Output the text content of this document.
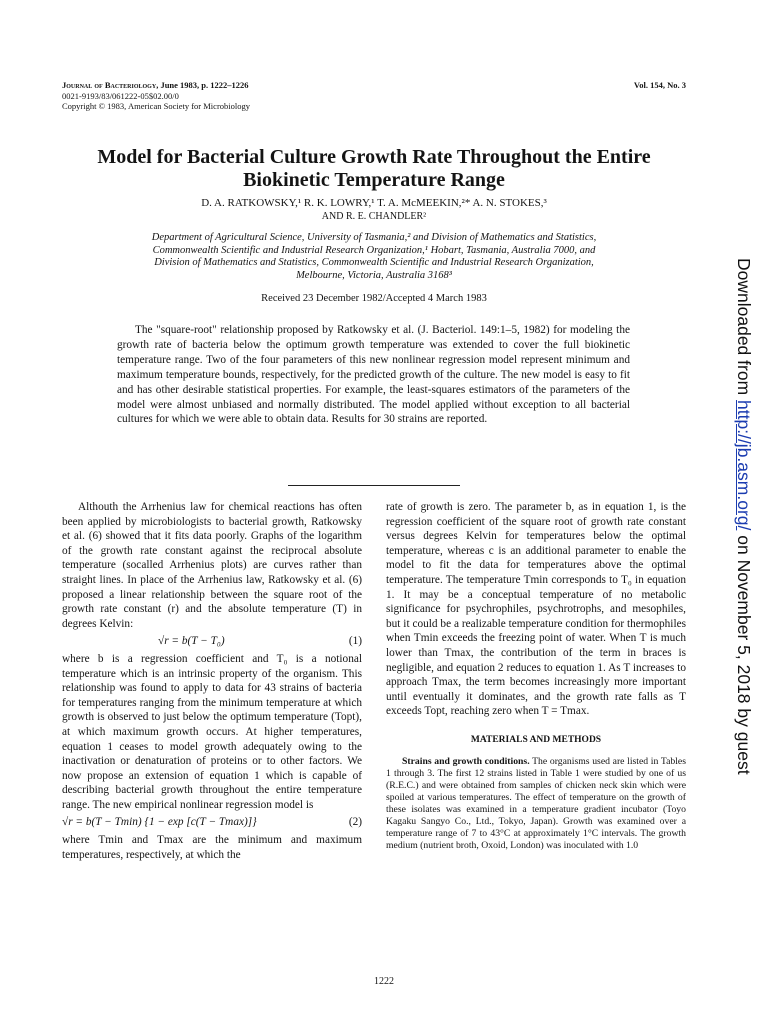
Journal of Bacteriology, June 1983, p. 1222–1226
0021-9193/83/061222-05$02.00/0
Copyright © 1983, American Society for Microbiology
Vol. 154, No. 3
Model for Bacterial Culture Growth Rate Throughout the Entire Biokinetic Temperature Range
D. A. RATKOWSKY,¹ R. K. LOWRY,¹ T. A. McMEEKIN,²* A. N. STOKES,³
AND R. E. CHANDLER²
Department of Agricultural Science, University of Tasmania,² and Division of Mathematics and Statistics,
Commonwealth Scientific and Industrial Research Organization,¹ Hobart, Tasmania, Australia 7000, and
Division of Mathematics and Statistics, Commonwealth Scientific and Industrial Research Organization,
Melbourne, Victoria, Australia 3168³
Received 23 December 1982/Accepted 4 March 1983

The "square-root" relationship proposed by Ratkowsky et al. (J. Bacteriol. 149:1–5, 1982) for modeling the growth rate of bacteria below the optimum growth temperature was extended to cover the full biokinetic temperature range. Two of the four parameters of this new nonlinear regression model represent minimum and maximum temperature bounds, respectively, for the predicted growth of the culture. The new model is easy to fit and has other desirable statistical properties. For example, the least-squares estimators of the parameters of the model were almost unbiased and normally distributed. The model applied without exception to all bacterial cultures for which we were able to obtain data. Results for 30 strains are reported.

Althouth the Arrhenius law for chemical reactions has often been applied by microbiologists to bacterial growth, Ratkowsky et al. (6) showed that it fits data poorly. Graphs of the logarithm of the growth rate constant against the reciprocal absolute temperature (socalled Arrhenius plots) are curves rather than straight lines. In place of the Arrhenius law, Ratkowsky et al. (6) proposed a linear relationship between the square root of the growth rate constant (r) and the absolute temperature (T) in degrees Kelvin:

√r = b(T − T₀)	(1)

where b is a regression coefficient and T₀ is a notional temperature which is an intrinsic property of the organism. This relationship was found to apply to data for 43 strains of bacteria for temperatures ranging from the minimum temperature at which growth is observed to just below the optimum temperature (Topt), at which maximum growth occurs. At higher temperatures, equation 1 ceases to model growth adequately owing to the inactivation or denaturation of proteins or to other factors. We now propose an extension of equation 1 which is capable of describing bacterial growth throughout the entire temperature range. The new empirical nonlinear regression model is

√r = b(T − Tmin) {1 − exp [c(T − Tmax)]}	(2)

where Tmin and Tmax are the minimum and maximum temperatures, respectively, at which the

rate of growth is zero. The parameter b, as in equation 1, is the regression coefficient of the square root of growth rate constant versus degrees Kelvin for temperatures below the optimal temperature, whereas c is an additional parameter to enable the model to fit the data for temperatures above the optimal temperature. The temperature Tmin corresponds to T₀ in equation 1. It may be a conceptual temperature of no metabolic significance for psychrophiles, psychrotrophs, and mesophiles, but it could be a realizable temperature condition for thermophiles when Tmin exceeds the freezing point of water. When T is much lower than Tmax, the contribution of the term in braces is negligible, and equation 2 reduces to equation 1. As T increases to approach Tmax, the term becomes increasingly more important until eventually it dominates, and the growth rate falls as T exceeds Topt, reaching zero when T = Tmax.

MATERIALS AND METHODS

Strains and growth conditions. The organisms used are listed in Tables 1 through 3. The first 12 strains listed in Table 1 were studied by one of us (R.E.C.) and were obtained from samples of chicken neck skin which were spoiled at various temperatures. The effect of temperature on the growth of these isolates was examined in a temperature gradient incubator (Toyo Kagaku Sangyo Co., Ltd., Tokyo, Japan). Growth was examined over a temperature range of 7 to 43°C at approximately 1°C intervals. The growth medium (nutrient broth, Oxoid, London) was inoculated with 1.0

1222
Downloaded from http://jb.asm.org/ on November 5, 2018 by guest
